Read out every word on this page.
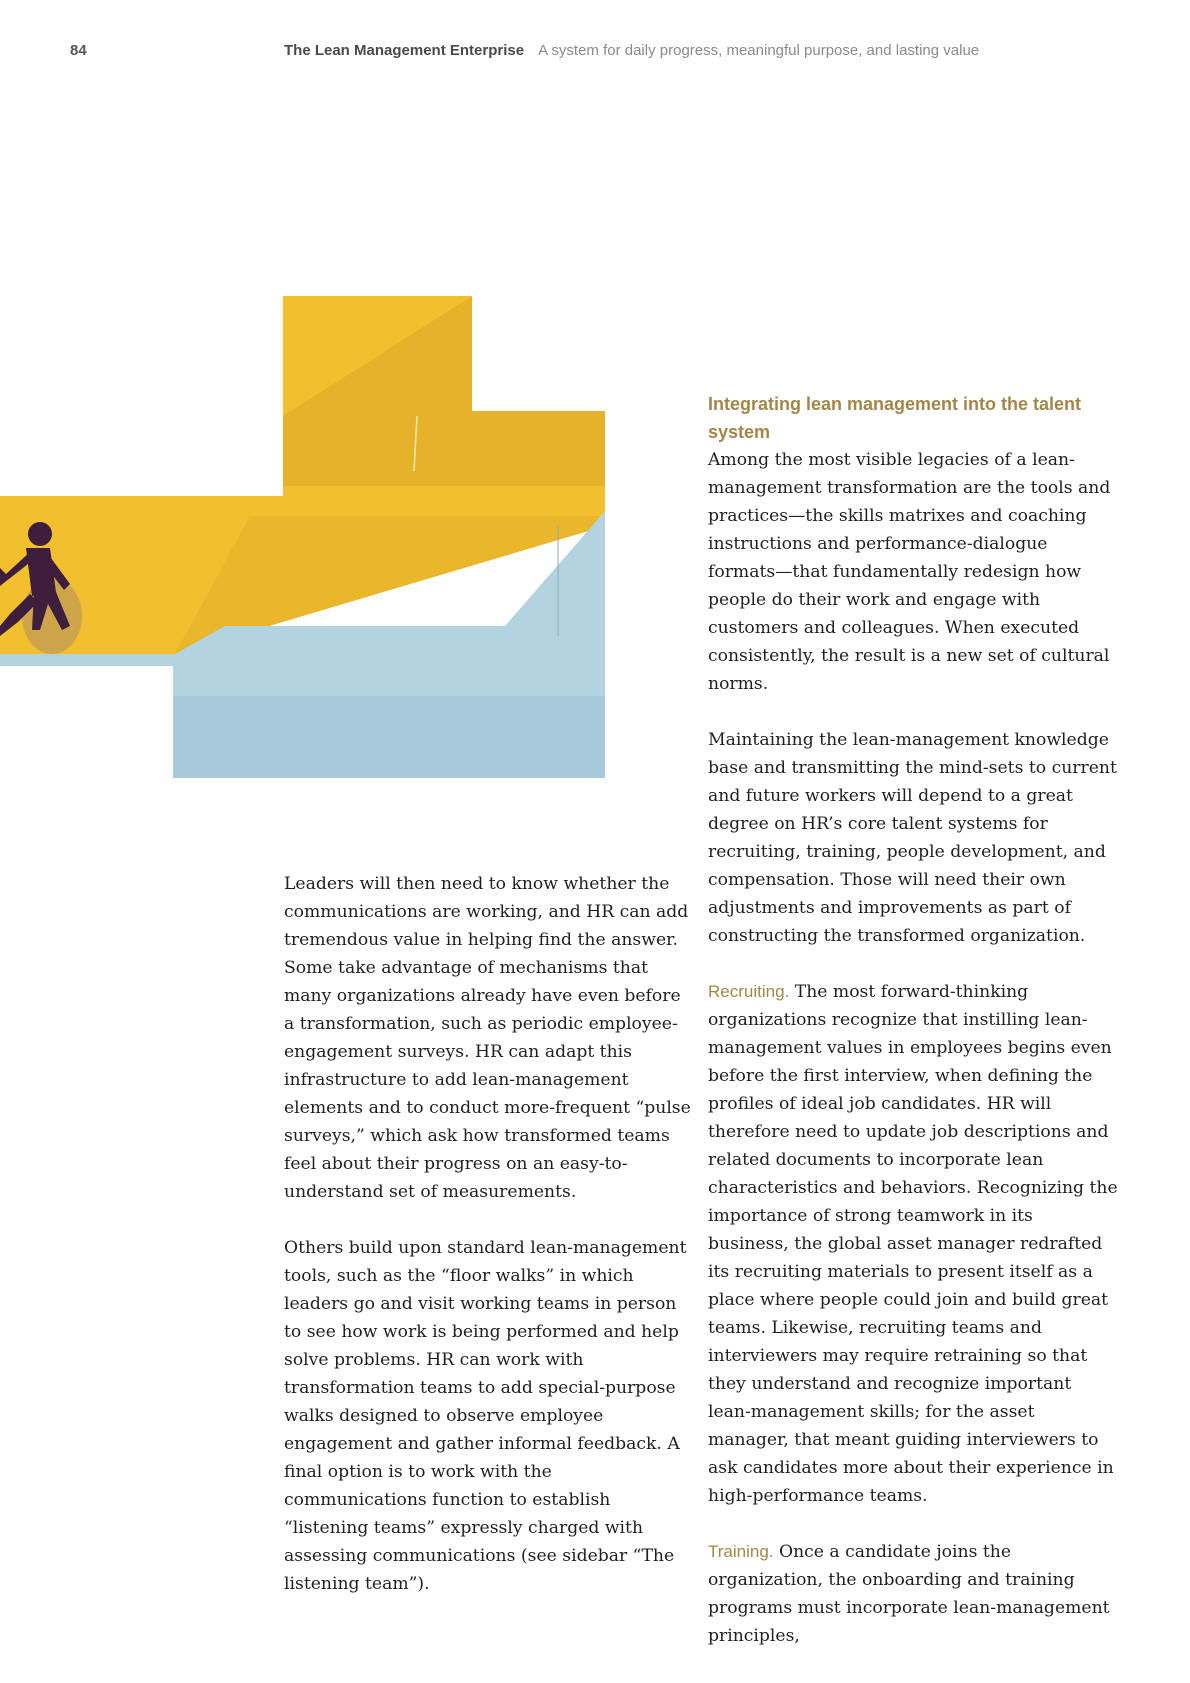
84	The Lean Management Enterprise A system for daily progress, meaningful purpose, and lasting value

Leaders will then need to know whether the communications are working, and HR can add tremendous value in helping find the answer. Some take advantage of mechanisms that many organizations already have even before a transformation, such as periodic employee-engagement surveys. HR can adapt this infrastructure to add lean-management elements and to conduct more-frequent “pulse surveys,” which ask how transformed teams feel about their progress on an easy-to-understand set of measurements.

Others build upon standard lean-management tools, such as the “floor walks” in which leaders go and visit working teams in person to see how work is being performed and help solve problems. HR can work with transformation teams to add special-purpose walks designed to observe employee engagement and gather informal feedback. A final option is to work with the communications function to establish “listening teams” expressly charged with assessing communications (see sidebar “The listening team”).

Integrating lean management into the talent system

Among the most visible legacies of a lean-management transformation are the tools and practices—the skills matrixes and coaching instructions and performance-dialogue formats—that fundamentally redesign how people do their work and engage with customers and colleagues. When executed consistently, the result is a new set of cultural norms.

Maintaining the lean-management knowledge base and transmitting the mind-sets to current and future workers will depend to a great degree on HR’s core talent systems for recruiting, training, people development, and compensation. Those will need their own adjustments and improvements as part of constructing the transformed organization.

Recruiting. The most forward-thinking organizations recognize that instilling lean-management values in employees begins even before the first interview, when defining the profiles of ideal job candidates. HR will therefore need to update job descriptions and related documents to incorporate lean characteristics and behaviors. Recognizing the importance of strong teamwork in its business, the global asset manager redrafted its recruiting materials to present itself as a place where people could join and build great teams. Likewise, recruiting teams and interviewers may require retraining so that they understand and recognize important lean-management skills; for the asset manager, that meant guiding interviewers to ask candidates more about their experience in high-performance teams.

Training. Once a candidate joins the organization, the onboarding and training programs must incorporate lean-management principles,
